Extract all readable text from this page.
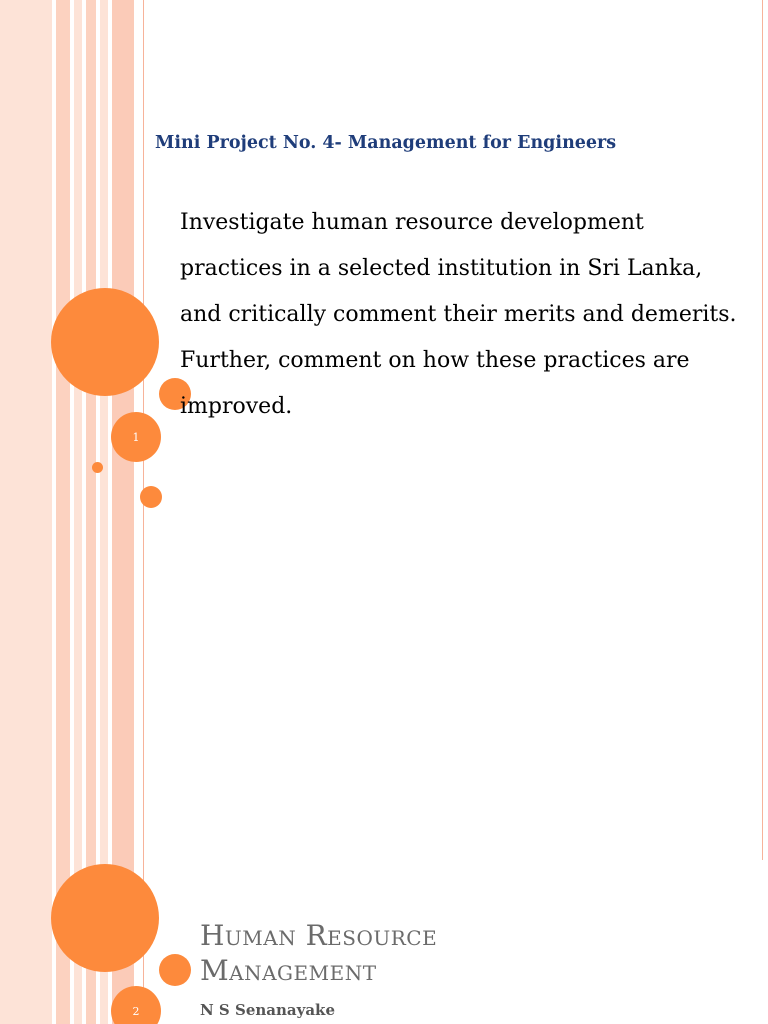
1
Mini Project No. 4- Management for Engineers

Investigate human resource development practices in a selected institution in Sri Lanka, and critically comment their merits and demerits. Further, comment on how these practices are improved.

2
Human Resource
Management

N S Senanayake
